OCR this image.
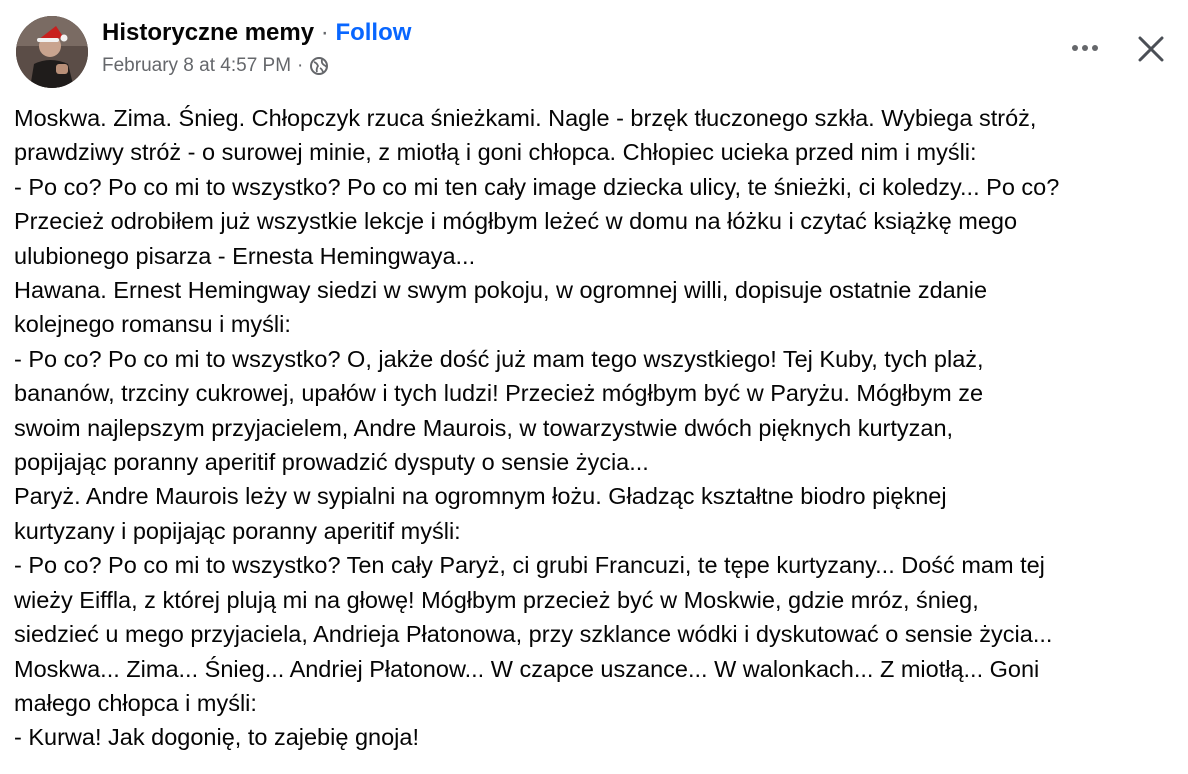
Historyczne memy · Follow
February 8 at 4:57 PM ·
Moskwa. Zima. Śnieg. Chłopczyk rzuca śnieżkami. Nagle - brzęk tłuczonego szkła. Wybiega stróż,
prawdziwy stróż - o surowej minie, z miotłą i goni chłopca. Chłopiec ucieka przed nim i myśli:
- Po co? Po co mi to wszystko? Po co mi ten cały image dziecka ulicy, te śnieżki, ci koledzy... Po co?
Przecież odrobiłem już wszystkie lekcje i mógłbym leżeć w domu na łóżku i czytać książkę mego
ulubionego pisarza - Ernesta Hemingwaya...
Hawana. Ernest Hemingway siedzi w swym pokoju, w ogromnej willi, dopisuje ostatnie zdanie
kolejnego romansu i myśli:
- Po co? Po co mi to wszystko? O, jakże dość już mam tego wszystkiego! Tej Kuby, tych plaż,
bananów, trzciny cukrowej, upałów i tych ludzi! Przecież mógłbym być w Paryżu. Mógłbym ze
swoim najlepszym przyjacielem, Andre Maurois, w towarzystwie dwóch pięknych kurtyzan,
popijając poranny aperitif prowadzić dysputy o sensie życia...
Paryż. Andre Maurois leży w sypialni na ogromnym łożu. Gładząc kształtne biodro pięknej
kurtyzany i popijając poranny aperitif myśli:
- Po co? Po co mi to wszystko? Ten cały Paryż, ci grubi Francuzi, te tępe kurtyzany... Dość mam tej
wieży Eiffla, z której plują mi na głowę! Mógłbym przecież być w Moskwie, gdzie mróz, śnieg,
siedzieć u mego przyjaciela, Andrieja Płatonowa, przy szklance wódki i dyskutować o sensie życia...
Moskwa... Zima... Śnieg... Andriej Płatonow... W czapce uszance... W walonkach... Z miotłą... Goni
małego chłopca i myśli:
- Kurwa! Jak dogonię, to zajebię gnoja!
